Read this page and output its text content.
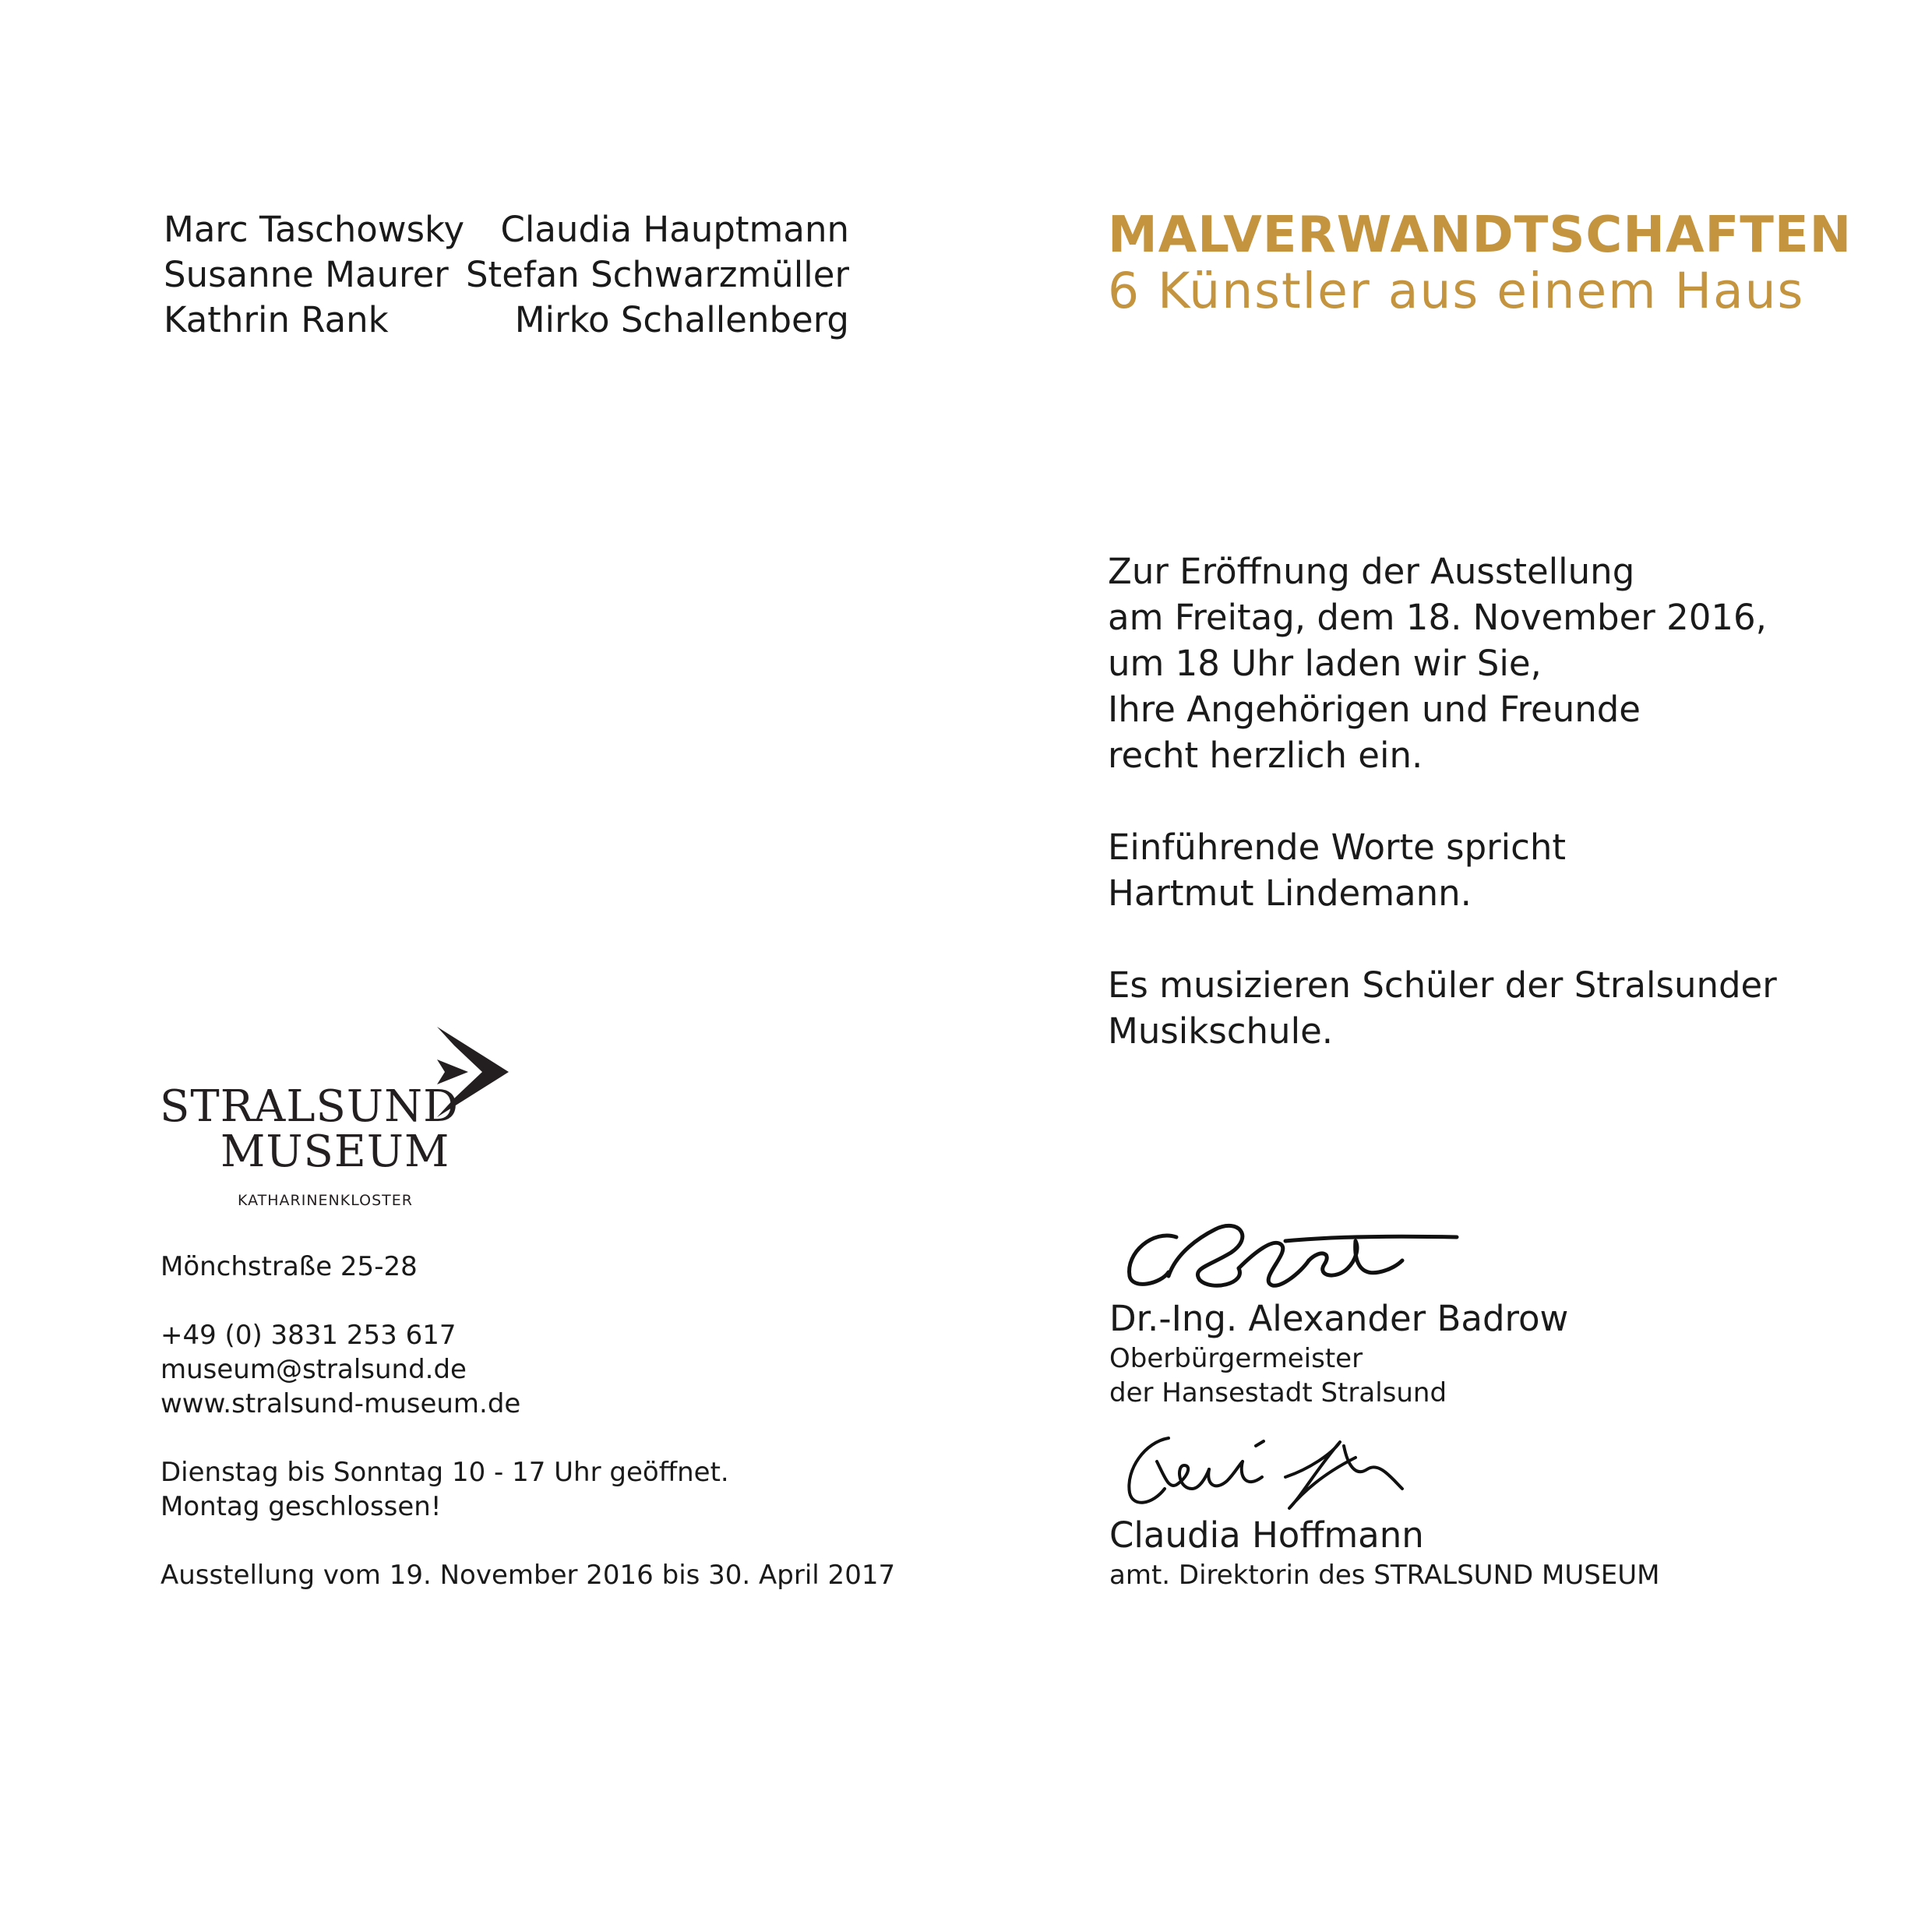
Marc Taschowsky Claudia Hauptmann
Susanne Maurer Stefan Schwarzmüller
Kathrin Rank	Mirko Schallenberg
MALVERWANDTSCHAFTEN
6 Künstler aus einem Haus

Zur Eröffnung der Ausstellung
am Freitag, dem 18. November 2016,
um 18 Uhr laden wir Sie,
Ihre Angehörigen und Freunde
recht herzlich ein.

Einführende Worte spricht
Hartmut Lindemann.

Es musizieren Schüler der Stralsunder
Musikschule.

STRALSUND
MUSEUM
KATHARINENKLOSTER

Mönchstraße 25-28

+49 (0) 3831 253 617
museum@stralsund.de
www.stralsund-museum.de

Dienstag bis Sonntag 10 - 17 Uhr geöffnet.
Montag geschlossen!

Ausstellung vom 19. November 2016 bis 30. April 2017

Dr.-Ing. Alexander Badrow
Oberbürgermeister
der Hansestadt Stralsund
Claudia Hoffmann
amt. Direktorin des STRALSUND MUSEUM
